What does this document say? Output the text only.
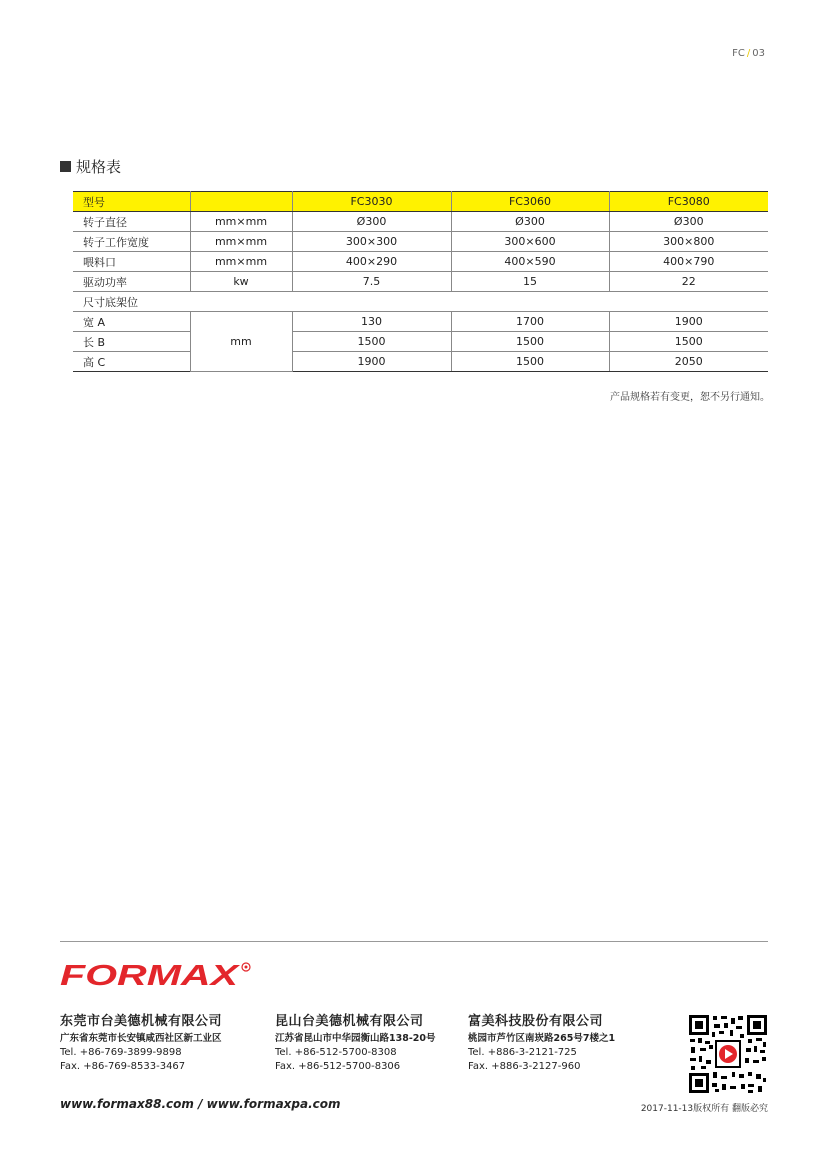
FC / 03
规格表
型号		FC3030	FC3060	FC3080
转子直径	mm×mm	Ø300	Ø300	Ø300
转子工作宽度	mm×mm	300×300	300×600	300×800
喂料口	mm×mm	400×290	400×590	400×790
驱动功率	kw	7.5	15	22
尺寸底架位				
宽 A	mm	130	1700	1900
长 B		1500	1500	1500
高 C		1900	1500	2050
产品规格若有变更，恕不另行通知。
FORMAX
东莞市台美德机械有限公司
广东省东莞市长安镇咸西社区新工业区
Tel. +86-769-3899-9898
Fax. +86-769-8533-3467
昆山台美德机械有限公司
江苏省昆山市中华园衡山路138-20号
Tel. +86-512-5700-8308
Fax. +86-512-5700-8306
富美科技股份有限公司
桃园市芦竹区南崁路265号7楼之1
Tel. +886-3-2121-725
Fax. +886-3-2127-960
www.formax88.com / www.formaxpa.com	2017-11-13版权所有 翻版必究
